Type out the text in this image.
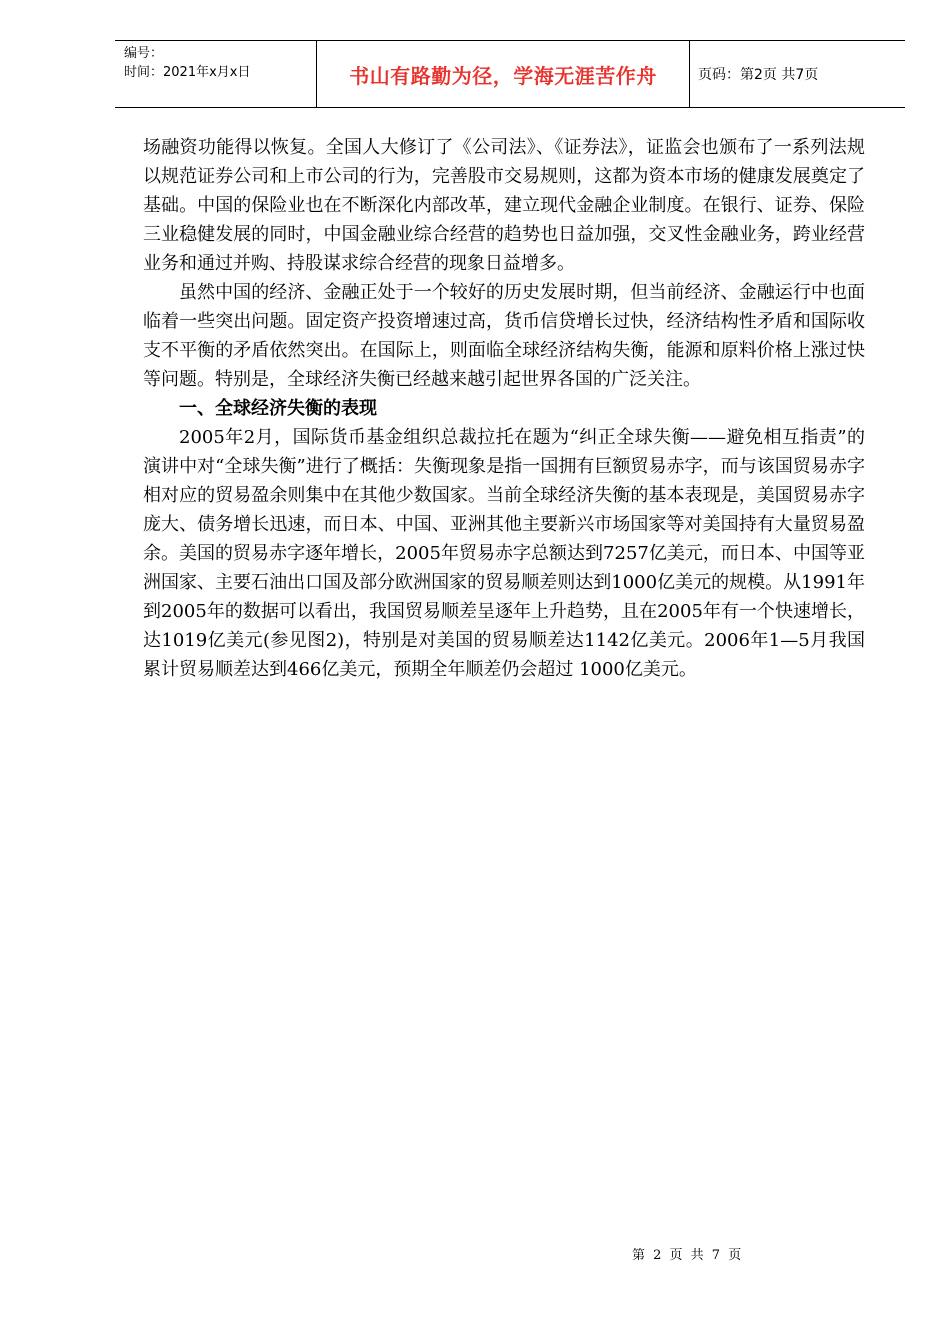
编号：
时间：2021年x月x日	书山有路勤为径，学海无涯苦作舟	页码：第2页 共7页

场融资功能得以恢复。全国人大修订了《公司法》、《证券法》，证监会也颁布了一系列法规以规范证券公司和上市公司的行为，完善股市交易规则，这都为资本市场的健康发展奠定了基础。中国的保险业也在不断深化内部改革，建立现代金融企业制度。在银行、证券、保险三业稳健发展的同时，中国金融业综合经营的趋势也日益加强，交叉性金融业务，跨业经营业务和通过并购、持股谋求综合经营的现象日益增多。

虽然中国的经济、金融正处于一个较好的历史发展时期，但当前经济、金融运行中也面临着一些突出问题。固定资产投资增速过高，货币信贷增长过快，经济结构性矛盾和国际收支不平衡的矛盾依然突出。在国际上，则面临全球经济结构失衡，能源和原料价格上涨过快等问题。特别是，全球经济失衡已经越来越引起世界各国的广泛关注。

一、全球经济失衡的表现

2005年2月，国际货币基金组织总裁拉托在题为“纠正全球失衡——避免相互指责”的演讲中对“全球失衡”进行了概括：失衡现象是指一国拥有巨额贸易赤字，而与该国贸易赤字相对应的贸易盈余则集中在其他少数国家。当前全球经济失衡的基本表现是，美国贸易赤字庞大、债务增长迅速，而日本、中国、亚洲其他主要新兴市场国家等对美国持有大量贸易盈余。美国的贸易赤字逐年增长，2005年贸易赤字总额达到7257亿美元，而日本、中国等亚洲国家、主要石油出口国及部分欧洲国家的贸易顺差则达到1000亿美元的规模。从1991年到2005年的数据可以看出，我国贸易顺差呈逐年上升趋势，且在2005年有一个快速增长，达1019亿美元(参见图2)，特别是对美国的贸易顺差达1142亿美元。2006年1—5月我国累计贸易顺差达到466亿美元，预期全年顺差仍会超过 1000亿美元。

第 2 页 共 7 页
